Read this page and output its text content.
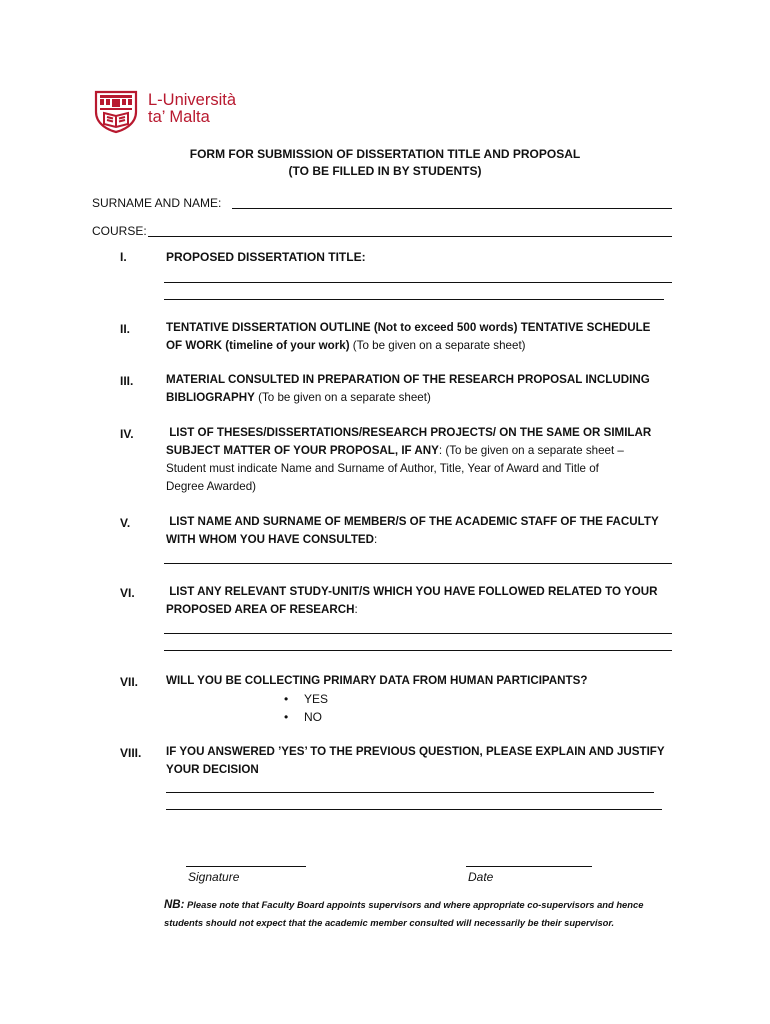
L-Università
ta’ Malta
FORM FOR SUBMISSION OF DISSERTATION TITLE AND PROPOSAL
(TO BE FILLED IN BY STUDENTS)
SURNAME AND NAME:
COURSE:
I.	PROPOSED DISSERTATION TITLE:
II.	TENTATIVE DISSERTATION OUTLINE (Not to exceed 500 words) TENTATIVE SCHEDULE
OF WORK (timeline of your work) (To be given on a separate sheet)
III.	MATERIAL CONSULTED IN PREPARATION OF THE RESEARCH PROPOSAL INCLUDING
BIBLIOGRAPHY (To be given on a separate sheet)
IV.	LIST OF THESES/DISSERTATIONS/RESEARCH PROJECTS/ ON THE SAME OR SIMILAR
SUBJECT MATTER OF YOUR PROPOSAL, IF ANY: (To be given on a separate sheet –
Student must indicate Name and Surname of Author, Title, Year of Award and Title of
Degree Awarded)
V.	LIST NAME AND SURNAME OF MEMBER/S OF THE ACADEMIC STAFF OF THE FACULTY
WITH WHOM YOU HAVE CONSULTED:
VI.	LIST ANY RELEVANT STUDY-UNIT/S WHICH YOU HAVE FOLLOWED RELATED TO YOUR
PROPOSED AREA OF RESEARCH:
VII. WILL YOU BE COLLECTING PRIMARY DATA FROM HUMAN PARTICIPANTS?
• YES
• NO
VIII. IF YOU ANSWERED ’YES’ TO THE PREVIOUS QUESTION, PLEASE EXPLAIN AND JUSTIFY
YOUR DECISION
Signature	Date
NB: Please note that Faculty Board appoints supervisors and where appropriate co-supervisors and hence
students should not expect that the academic member consulted will necessarily be their supervisor.
